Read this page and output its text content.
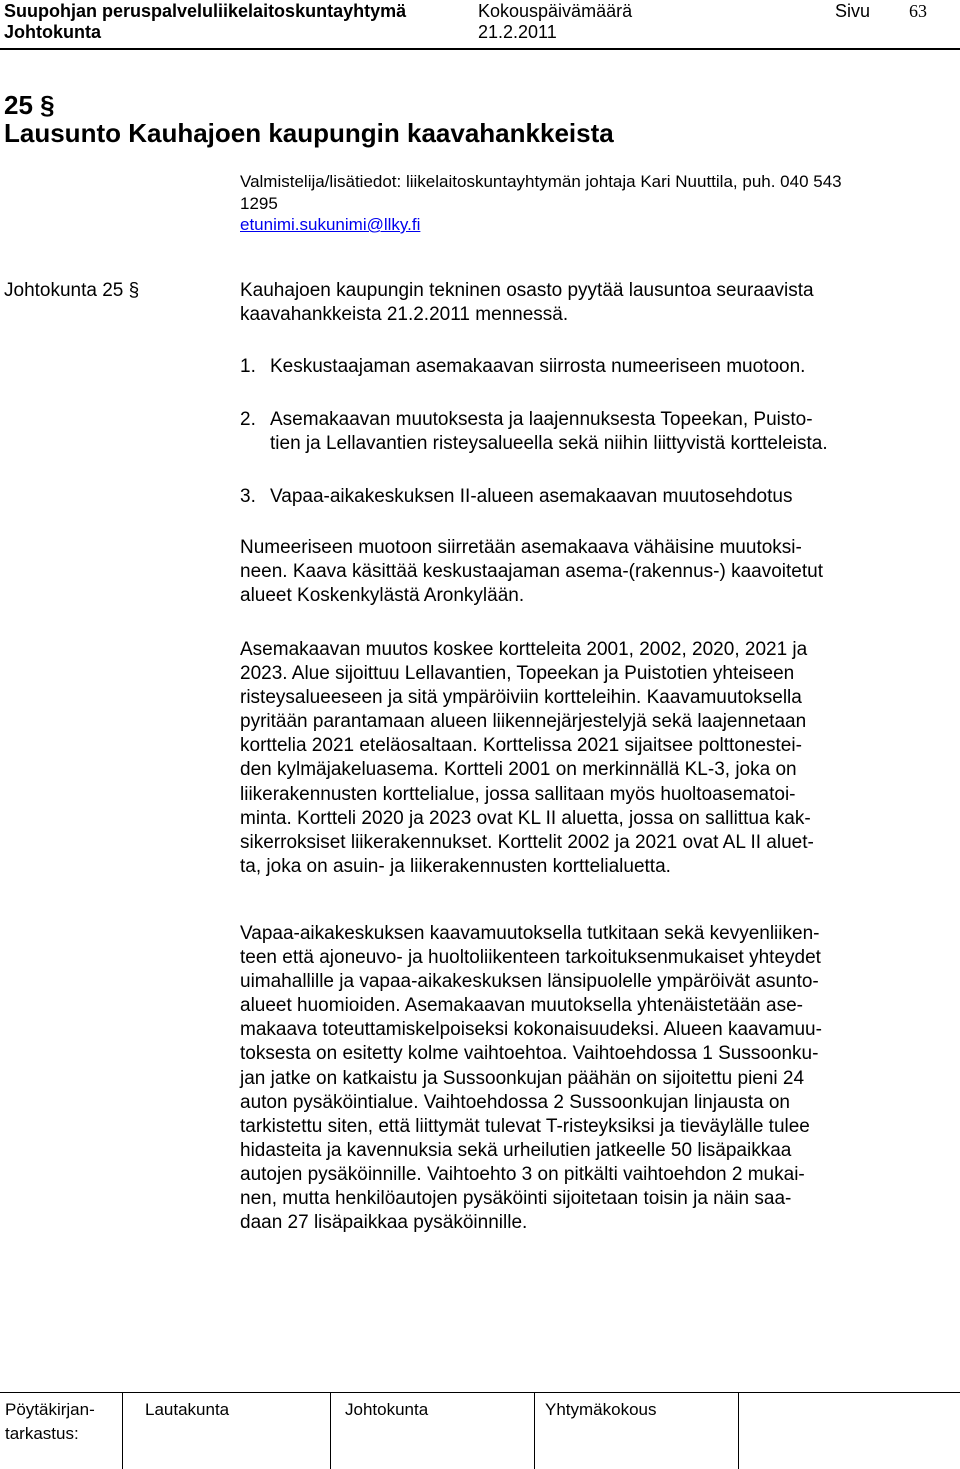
Suupohjan peruspalveluliikelaitoskuntayhtymä
Johtokunta
Kokouspäivämäärä
21.2.2011
Sivu 63
25 §
Lausunto Kauhajoen kaupungin kaavahankkeista
Valmistelija/lisätiedot: liikelaitoskuntayhtymän johtaja Kari Nuuttila, puh. 040 543
1295
etunimi.sukunimi@llky.fi
Johtokunta 25 §	Kauhajoen kaupungin tekninen osasto pyytää lausuntoa seuraavista
kaavahankkeista 21.2.2011 mennessä.
1. Keskustaajaman asemakaavan siirrosta numeeriseen muotoon.
2. Asemakaavan muutoksesta ja laajennuksesta Topeekan, Puisto-
tien ja Lellavantien risteysalueella sekä niihin liittyvistä kortteleista.
3. Vapaa-aikakeskuksen II-alueen asemakaavan muutosehdotus
Numeeriseen muotoon siirretään asemakaava vähäisine muutoksi-
neen. Kaava käsittää keskustaajaman asema-(rakennus-) kaavoitetut
alueet Koskenkylästä Aronkylään.
Asemakaavan muutos koskee kortteleita 2001, 2002, 2020, 2021 ja
2023. Alue sijoittuu Lellavantien, Topeekan ja Puistotien yhteiseen
risteysalueeseen ja sitä ympäröiviin kortteleihin. Kaavamuutoksella
pyritään parantamaan alueen liikennejärjestelyjä sekä laajennetaan
korttelia 2021 eteläosaltaan. Korttelissa 2021 sijaitsee polttonestei-
den kylmäjakeluasema. Kortteli 2001 on merkinnällä KL-3, joka on
liikerakennusten korttelialue, jossa sallitaan myös huoltoasematoi-
minta. Kortteli 2020 ja 2023 ovat KL II aluetta, jossa on sallittua kak-
sikerroksiset liikerakennukset. Korttelit 2002 ja 2021 ovat AL II aluet-
ta, joka on asuin- ja liikerakennusten korttelialuetta.
Vapaa-aikakeskuksen kaavamuutoksella tutkitaan sekä kevyenliiken-
teen että ajoneuvo- ja huoltoliikenteen tarkoituksenmukaiset yhteydet
uimahallille ja vapaa-aikakeskuksen länsipuolelle ympäröivät asunto-
alueet huomioiden. Asemakaavan muutoksella yhtenäistetään ase-
makaava toteuttamiskelpoiseksi kokonaisuudeksi. Alueen kaavamuu-
toksesta on esitetty kolme vaihtoehtoa. Vaihtoehdossa 1 Sussoonku-
jan jatke on katkaistu ja Sussoonkujan päähän on sijoitettu pieni 24
auton pysäköintialue. Vaihtoehdossa 2 Sussoonkujan linjausta on
tarkistettu siten, että liittymät tulevat T-risteyksiksi ja tieväylälle tulee
hidasteita ja kavennuksia sekä urheilutien jatkeelle 50 lisäpaikkaa
autojen pysäköinnille. Vaihtoehto 3 on pitkälti vaihtoehdon 2 mukai-
nen, mutta henkilöautojen pysäköinti sijoitetaan toisin ja näin saa-
daan 27 lisäpaikkaa pysäköinnille.
Pöytäkirjan-
tarkastus:
Lautakunta	Johtokunta	Yhtymäkokous
